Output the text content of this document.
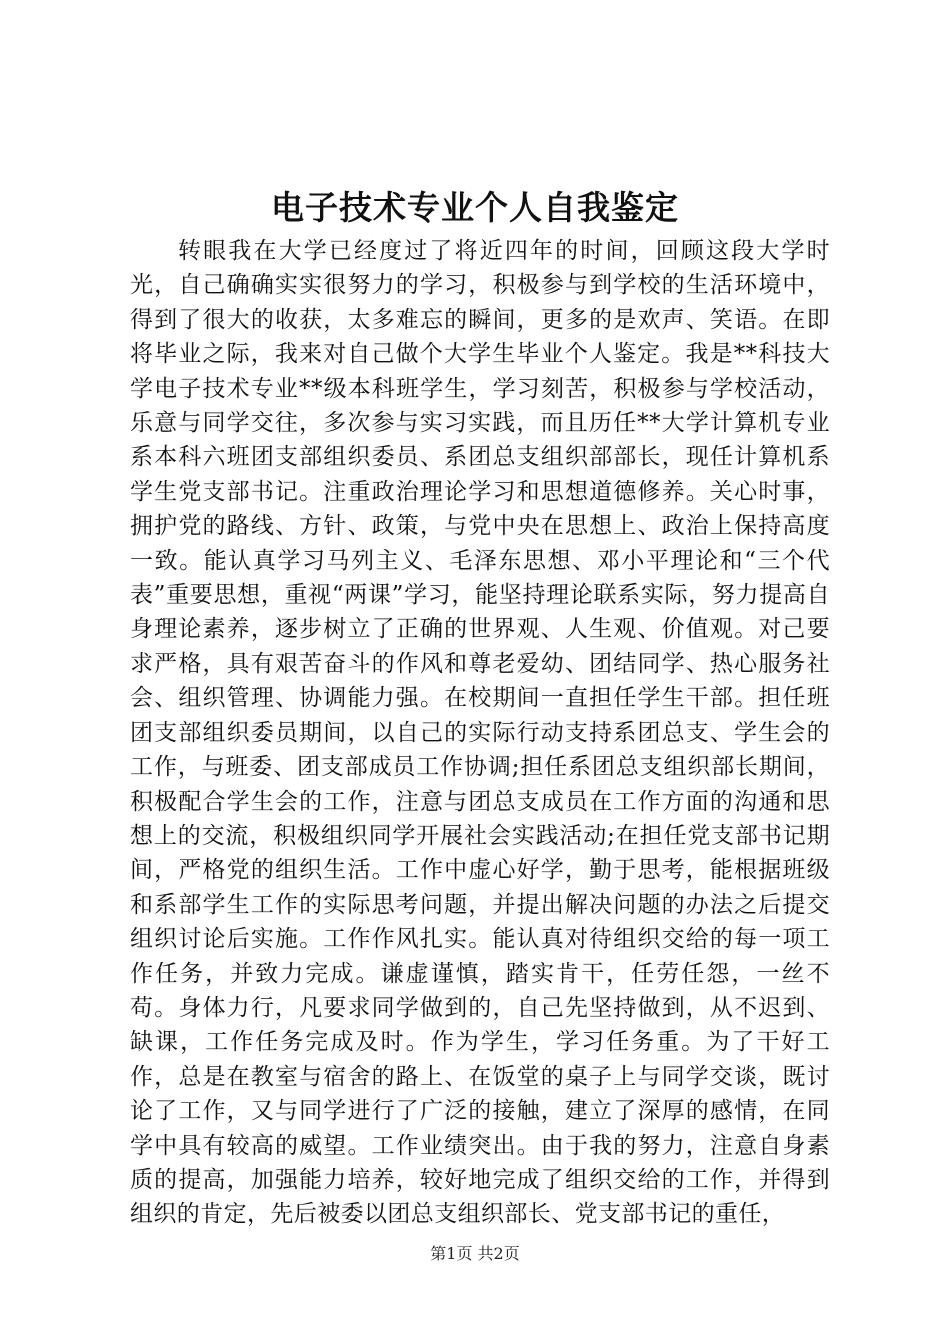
电子技术专业个人自我鉴定

转眼我在大学已经度过了将近四年的时间，回顾这段大学时光，自己确确实实很努力的学习，积极参与到学校的生活环境中，得到了很大的收获，太多难忘的瞬间，更多的是欢声、笑语。在即将毕业之际，我来对自己做个大学生毕业个人鉴定。我是**科技大学电子技术专业**级本科班学生，学习刻苦，积极参与学校活动，乐意与同学交往，多次参与实习实践，而且历任**大学计算机专业系本科六班团支部组织委员、系团总支组织部部长，现任计算机系学生党支部书记。注重政治理论学习和思想道德修养。关心时事，拥护党的路线、方针、政策，与党中央在思想上、政治上保持高度一致。能认真学习马列主义、毛泽东思想、邓小平理论和“三个代表”重要思想，重视“两课”学习，能坚持理论联系实际，努力提高自身理论素养，逐步树立了正确的世界观、人生观、价值观。对己要求严格，具有艰苦奋斗的作风和尊老爱幼、团结同学、热心服务社会、组织管理、协调能力强。在校期间一直担任学生干部。担任班团支部组织委员期间，以自己的实际行动支持系团总支、学生会的工作，与班委、团支部成员工作协调;担任系团总支组织部长期间，积极配合学生会的工作，注意与团总支成员在工作方面的沟通和思想上的交流，积极组织同学开展社会实践活动;在担任党支部书记期间，严格党的组织生活。工作中虚心好学，勤于思考，能根据班级和系部学生工作的实际思考问题，并提出解决问题的办法之后提交组织讨论后实施。工作作风扎实。能认真对待组织交给的每一项工作任务，并致力完成。谦虚谨慎，踏实肯干，任劳任怨，一丝不苟。身体力行，凡要求同学做到的，自己先坚持做到，从不迟到、缺课，工作任务完成及时。作为学生，学习任务重。为了干好工作，总是在教室与宿舍的路上、在饭堂的桌子上与同学交谈，既讨论了工作，又与同学进行了广泛的接触，建立了深厚的感情，在同学中具有较高的威望。工作业绩突出。由于我的努力，注意自身素质的提高，加强能力培养，较好地完成了组织交给的工作，并得到组织的肯定，先后被委以团总支组织部长、党支部书记的重任，

第1页 共2页
